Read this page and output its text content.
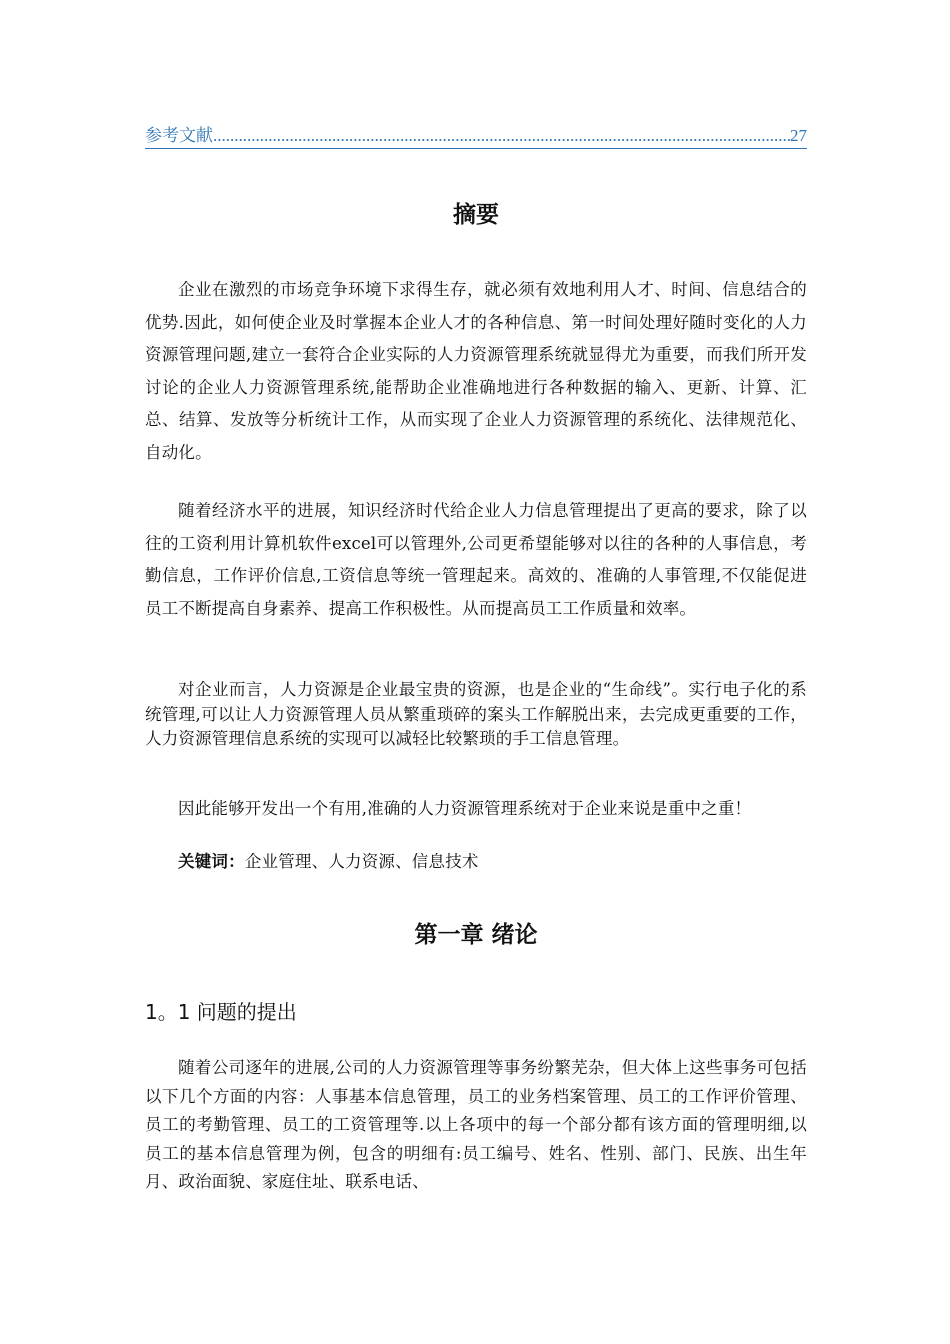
参考文献
.....	27
摘要

企业在激烈的市场竞争环境下求得生存，就必须有效地利用人才、时间、信息结合的优势.因此，如何使企业及时掌握本企业人才的各种信息、第一时间处理好随时变化的人力资源管理问题,建立一套符合企业实际的人力资源管理系统就显得尤为重要，而我们所开发讨论的企业人力资源管理系统,能帮助企业准确地进行各种数据的输入、更新、计算、汇总、结算、发放等分析统计工作，从而实现了企业人力资源管理的系统化、法律规范化、自动化。

随着经济水平的进展，知识经济时代给企业人力信息管理提出了更高的要求，除了以往的工资利用计算机软件excel可以管理外,公司更希望能够对以往的各种的人事信息，考勤信息，工作评价信息,工资信息等统一管理起来。高效的、准确的人事管理,不仅能促进员工不断提高自身素养、提高工作积极性。从而提高员工工作质量和效率。

对企业而言，人力资源是企业最宝贵的资源，也是企业的“生命线”。实行电子化的系统管理,可以让人力资源管理人员从繁重琐碎的案头工作解脱出来，去完成更重要的工作，人力资源管理信息系统的实现可以减轻比较繁琐的手工信息管理。

因此能够开发出一个有用,准确的人力资源管理系统对于企业来说是重中之重！

关键词：企业管理、人力资源、信息技术

第一章 绪论
1。1 问题的提出

随着公司逐年的进展,公司的人力资源管理等事务纷繁芜杂，但大体上这些事务可包括以下几个方面的内容：人事基本信息管理，员工的业务档案管理、员工的工作评价管理、员工的考勤管理、员工的工资管理等.以上各项中的每一个部分都有该方面的管理明细,以员工的基本信息管理为例，包含的明细有:员工编号、姓名、性别、部门、民族、出生年月、政治面貌、家庭住址、联系电话、
